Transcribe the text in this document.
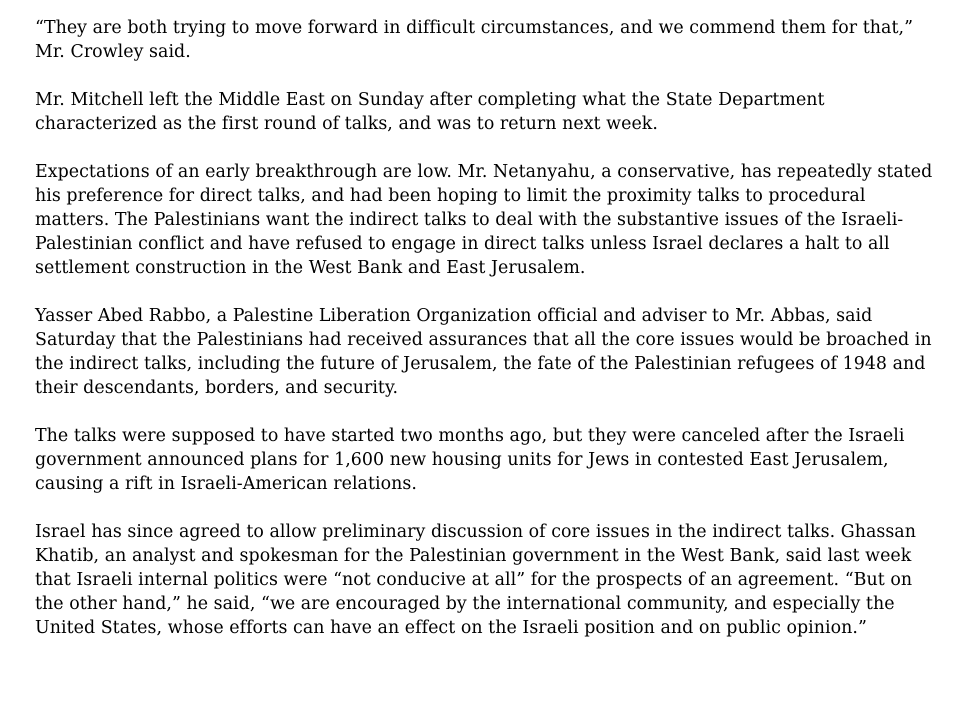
“They are both trying to move forward in difficult circumstances, and we commend them for that,” Mr. Crowley said.

Mr. Mitchell left the Middle East on Sunday after completing what the State Department characterized as the first round of talks, and was to return next week.

Expectations of an early breakthrough are low. Mr. Netanyahu, a conservative, has repeatedly stated his preference for direct talks, and had been hoping to limit the proximity talks to procedural matters. The Palestinians want the indirect talks to deal with the substantive issues of the Israeli-Palestinian conflict and have refused to engage in direct talks unless Israel declares a halt to all settlement construction in the West Bank and East Jerusalem.

Yasser Abed Rabbo, a Palestine Liberation Organization official and adviser to Mr. Abbas, said Saturday that the Palestinians had received assurances that all the core issues would be broached in the indirect talks, including the future of Jerusalem, the fate of the Palestinian refugees of 1948 and their descendants, borders, and security.

The talks were supposed to have started two months ago, but they were canceled after the Israeli government announced plans for 1,600 new housing units for Jews in contested East Jerusalem, causing a rift in Israeli-American relations.

Israel has since agreed to allow preliminary discussion of core issues in the indirect talks. Ghassan Khatib, an analyst and spokesman for the Palestinian government in the West Bank, said last week that Israeli internal politics were “not conducive at all” for the prospects of an agreement. “But on the other hand,” he said, “we are encouraged by the international community, and especially the United States, whose efforts can have an effect on the Israeli position and on public opinion.”
